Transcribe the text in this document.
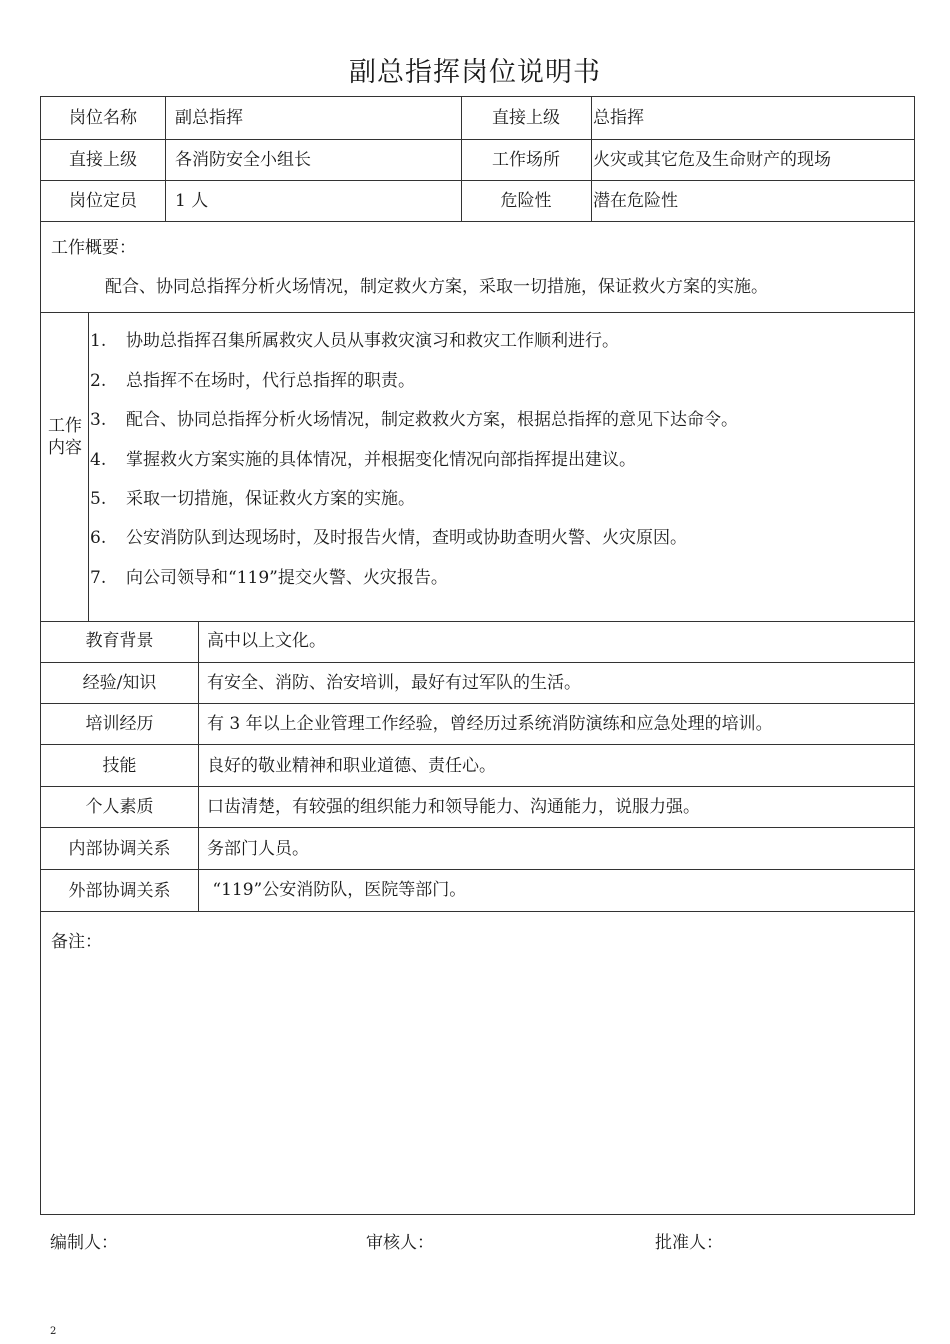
副总指挥岗位说明书
岗位名称	副总指挥	直接上级	总指挥
直接上级	各消防安全小组长	工作场所	火灾或其它危及生命财产的现场
岗位定员	1 人	危险性	潜在危险性
工作概要：
配合、协同总指挥分析火场情况，制定救火方案，采取一切措施，保证救火方案的实施。
工作内容
1. 协助总指挥召集所属救灾人员从事救灾演习和救灾工作顺利进行。
2. 总指挥不在场时，代行总指挥的职责。
3. 配合、协同总指挥分析火场情况，制定救救火方案，根据总指挥的意见下达命令。
4. 掌握救火方案实施的具体情况，并根据变化情况向部指挥提出建议。
5. 采取一切措施，保证救火方案的实施。
6. 公安消防队到达现场时，及时报告火情，查明或协助查明火警、火灾原因。
7. 向公司领导和“119”提交火警、火灾报告。
教育背景	高中以上文化。
经验/知识	有安全、消防、治安培训，最好有过军队的生活。
培训经历	有 3 年以上企业管理工作经验，曾经历过系统消防演练和应急处理的培训。
技能	良好的敬业精神和职业道德、责任心。
个人素质	口齿清楚，有较强的组织能力和领导能力、沟通能力，说服力强。
内部协调关系	务部门人员。
外部协调关系	“119”公安消防队，医院等部门。
备注：
编制人：	审核人：	批准人：
2
